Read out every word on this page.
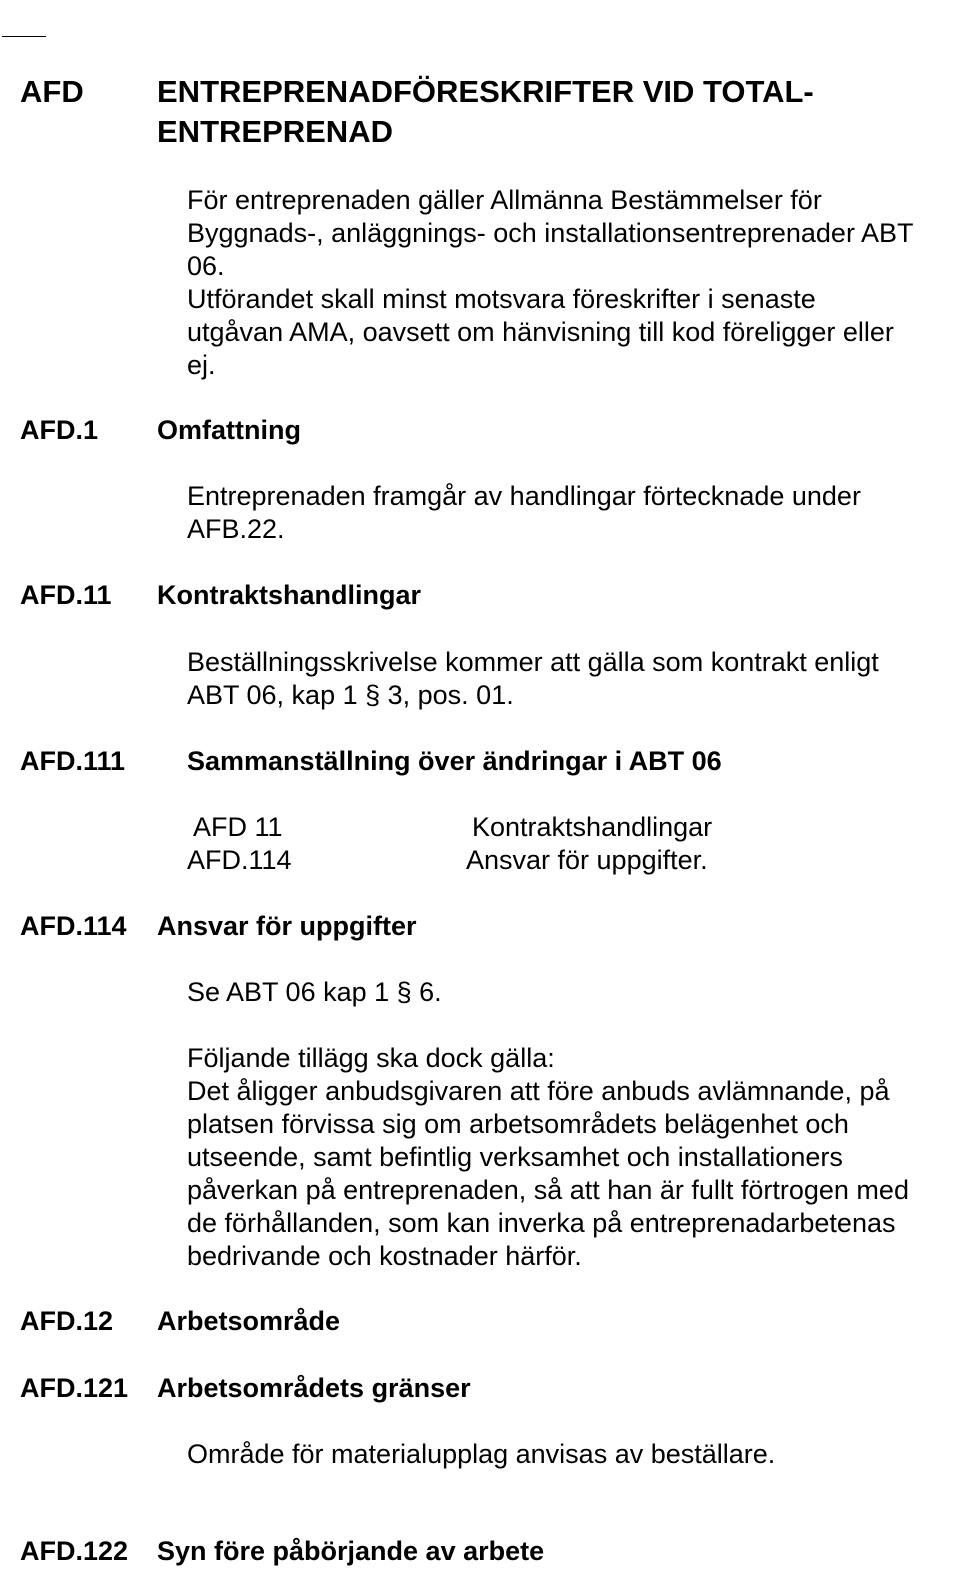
AFD ENTREPRENADFÖRESKRIFTER VID TOTAL-
ENTREPRENAD
För entreprenaden gäller Allmänna Bestämmelser för
Byggnads-, anläggnings- och installationsentreprenader ABT
06.
Utförandet skall minst motsvara föreskrifter i senaste
utgåvan AMA, oavsett om hänvisning till kod föreligger eller
ej.
AFD.1 Omfattning
Entreprenaden framgår av handlingar förtecknade under
AFB.22.
AFD.11 Kontraktshandlingar
Beställningsskrivelse kommer att gälla som kontrakt enligt
ABT 06, kap 1 § 3, pos. 01.
AFD.111 Sammanställning över ändringar i ABT 06
AFD 11	Kontraktshandlingar
AFD.114	Ansvar för uppgifter.
AFD.114 Ansvar för uppgifter
Se ABT 06 kap 1 § 6.
Följande tillägg ska dock gälla:
Det åligger anbudsgivaren att före anbuds avlämnande, på
platsen förvissa sig om arbetsområdets belägenhet och
utseende, samt befintlig verksamhet och installationers
påverkan på entreprenaden, så att han är fullt förtrogen med
de förhållanden, som kan inverka på entreprenadarbetenas
bedrivande och kostnader härför.
AFD.12 Arbetsområde
AFD.121 Arbetsområdets gränser
Område för materialupplag anvisas av beställare.
AFD.122 Syn före påbörjande av arbete
